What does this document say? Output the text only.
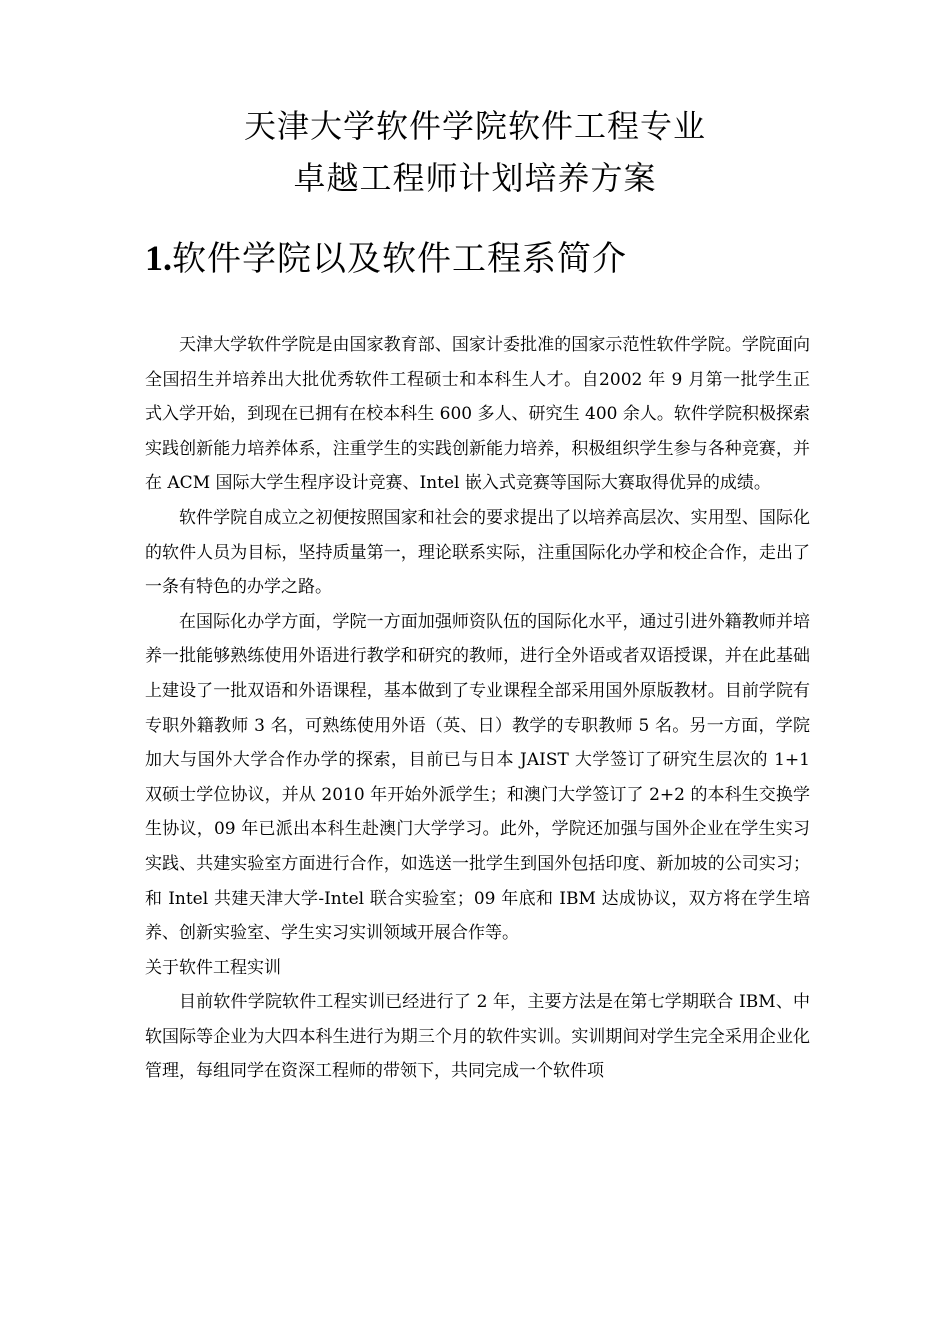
天津大学软件学院软件工程专业
卓越工程师计划培养方案
1.软件学院以及软件工程系简介

天津大学软件学院是由国家教育部、国家计委批准的国家示范性软件学院。学院面向全国招生并培养出大批优秀软件工程硕士和本科生人才。自2002 年 9 月第一批学生正式入学开始，到现在已拥有在校本科生 600 多人、研究生 400 余人。软件学院积极探索实践创新能力培养体系，注重学生的实践创新能力培养，积极组织学生参与各种竞赛，并在 ACM 国际大学生程序设计竞赛、Intel 嵌入式竞赛等国际大赛取得优异的成绩。

软件学院自成立之初便按照国家和社会的要求提出了以培养高层次、实用型、国际化的软件人员为目标，坚持质量第一，理论联系实际，注重国际化办学和校企合作，走出了一条有特色的办学之路。

在国际化办学方面，学院一方面加强师资队伍的国际化水平，通过引进外籍教师并培养一批能够熟练使用外语进行教学和研究的教师，进行全外语或者双语授课，并在此基础上建设了一批双语和外语课程，基本做到了专业课程全部采用国外原版教材。目前学院有专职外籍教师 3 名，可熟练使用外语（英、日）教学的专职教师 5 名。另一方面，学院加大与国外大学合作办学的探索，目前已与日本 JAIST 大学签订了研究生层次的 1+1 双硕士学位协议，并从 2010 年开始外派学生；和澳门大学签订了 2+2 的本科生交换学生协议，09 年已派出本科生赴澳门大学学习。此外，学院还加强与国外企业在学生实习实践、共建实验室方面进行合作，如选送一批学生到国外包括印度、新加坡的公司实习；和 Intel 共建天津大学-Intel 联合实验室；09 年底和 IBM 达成协议，双方将在学生培养、创新实验室、学生实习实训领域开展合作等。

关于软件工程实训

目前软件学院软件工程实训已经进行了 2 年，主要方法是在第七学期联合 IBM、中软国际等企业为大四本科生进行为期三个月的软件实训。实训期间对学生完全采用企业化管理，每组同学在资深工程师的带领下，共同完成一个软件项
